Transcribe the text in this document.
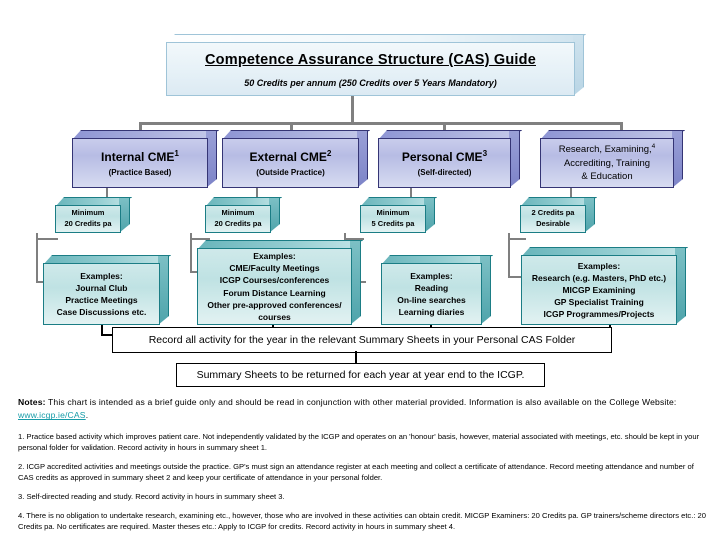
Competence Assurance Structure (CAS) Guide
50 Credits per annum (250 Credits over 5 Years Mandatory)
Internal CME$^1$
(Practice Based)
External CME$^2$
(Outside Practice)
Personal CME$^3$
(Self-directed)
Research, Examining,$^4$
Accrediting, Training
& Education
Minimum
20 Credits pa
Minimum
20 Credits pa
Minimum
5 Credits pa
2 Credits pa
Desirable
Examples:
Journal Club
Practice Meetings
Case Discussions etc.
Examples:
CME/Faculty Meetings
ICGP Courses/conferences
Forum Distance Learning
Other pre-approved conferences/
courses
Examples:
Reading
On-line searches
Learning diaries
Examples:
Research (e.g. Masters, PhD etc.)
MICGP Examining
GP Specialist Training
ICGP Programmes/Projects
Record all activity for the year in the relevant Summary Sheets in your Personal CAS Folder
Summary Sheets to be returned for each year at year end to the ICGP.
Notes: This chart is intended as a brief guide only and should be read in conjunction with other material provided. Information is also available on the College Website: www.icgp.ie/CAS.
1. Practice based activity which improves patient care. Not independently validated by the ICGP and operates on an 'honour' basis, however, material associated with meetings, etc. should be kept in your personal folder for validation. Record activity in hours in summary sheet 1.
2. ICGP accredited activities and meetings outside the practice. GP's must sign an attendance register at each meeting and collect a certificate of attendance. Record meeting attendance and number of CAS credits as approved in summary sheet 2 and keep your certificate of attendance in your personal folder.
3. Self-directed reading and study. Record activity in hours in summary sheet 3.
4. There is no obligation to undertake research, examining etc., however, those who are involved in these activities can obtain credit. MICGP Examiners: 20 Credits pa. GP trainers/scheme directors etc.: 20 Credits pa. No certificates are required. Master theses etc.: Apply to ICGP for credits. Record activity in hours in summary sheet 4.
